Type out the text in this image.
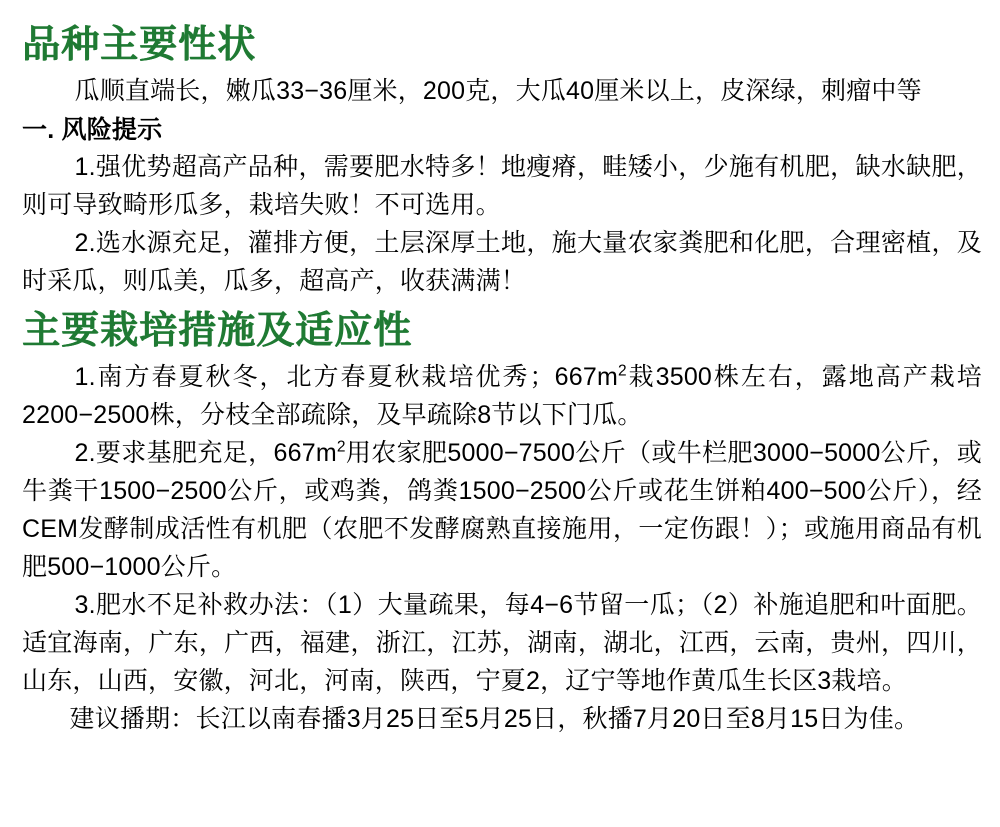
品种主要性状

瓜顺直端长，嫩瓜33−36厘米，200克，大瓜40厘米以上，皮深绿，刺瘤中等

一. 风险提示

1.强优势超高产品种，需要肥水特多！地瘦瘠，畦矮小，少施有机肥，缺水缺肥，则可导致畸形瓜多，栽培失败！不可选用。

2.选水源充足，灌排方便，土层深厚土地，施大量农家粪肥和化肥，合理密植，及时采瓜，则瓜美，瓜多，超高产，收获满满！

主要栽培措施及适应性

1.南方春夏秋冬，北方春夏秋栽培优秀；$667m^2$栽3500株左右，露地高产栽培2200−2500株，分枝全部疏除，及早疏除8节以下门瓜。

2.要求基肥充足，$667m^2$用农家肥5000−7500公斤（或牛栏肥3000−5000公斤，或牛粪干1500−2500公斤，或鸡粪，鸽粪1500−2500公斤或花生饼粕400−500公斤），经CEM发酵制成活性有机肥（农肥不发酵腐熟直接施用，一定伤跟！）；或施用商品有机肥500−1000公斤。

3.肥水不足补救办法：（1）大量疏果，每4−6节留一瓜；（2）补施追肥和叶面肥。适宜海南，广东，广西，福建，浙江，江苏，湖南，湖北，江西，云南，贵州，四川，山东，山西，安徽，河北，河南，陕西，宁夏2，辽宁等地作黄瓜生长区3栽培。

建议播期：长江以南春播3月25日至5月25日，秋播7月20日至8月15日为佳。
